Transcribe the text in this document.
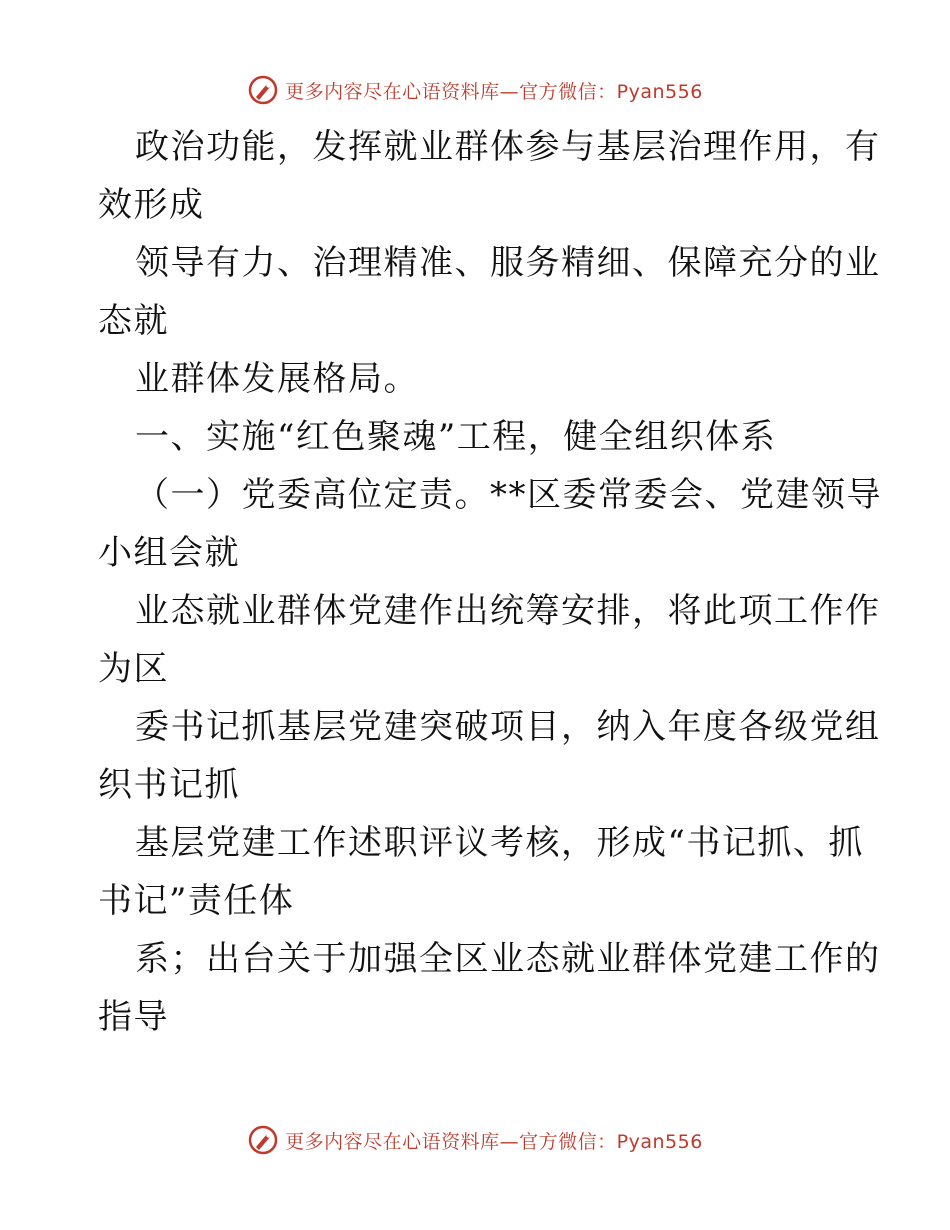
更多内容尽在心语资料库—官方微信：Pyan556
政治功能，发挥就业群体参与基层治理作用，有
效形成
领导有力、治理精准、服务精细、保障充分的业
态就
业群体发展格局。
一、实施“红色聚魂”工程，健全组织体系
（一）党委高位定责。**区委常委会、党建领导
小组会就
业态就业群体党建作出统筹安排，将此项工作作
为区
委书记抓基层党建突破项目，纳入年度各级党组
织书记抓
基层党建工作述职评议考核，形成“书记抓、抓
书记”责任体
系；出台关于加强全区业态就业群体党建工作的
指导
更多内容尽在心语资料库—官方微信：Pyan556
